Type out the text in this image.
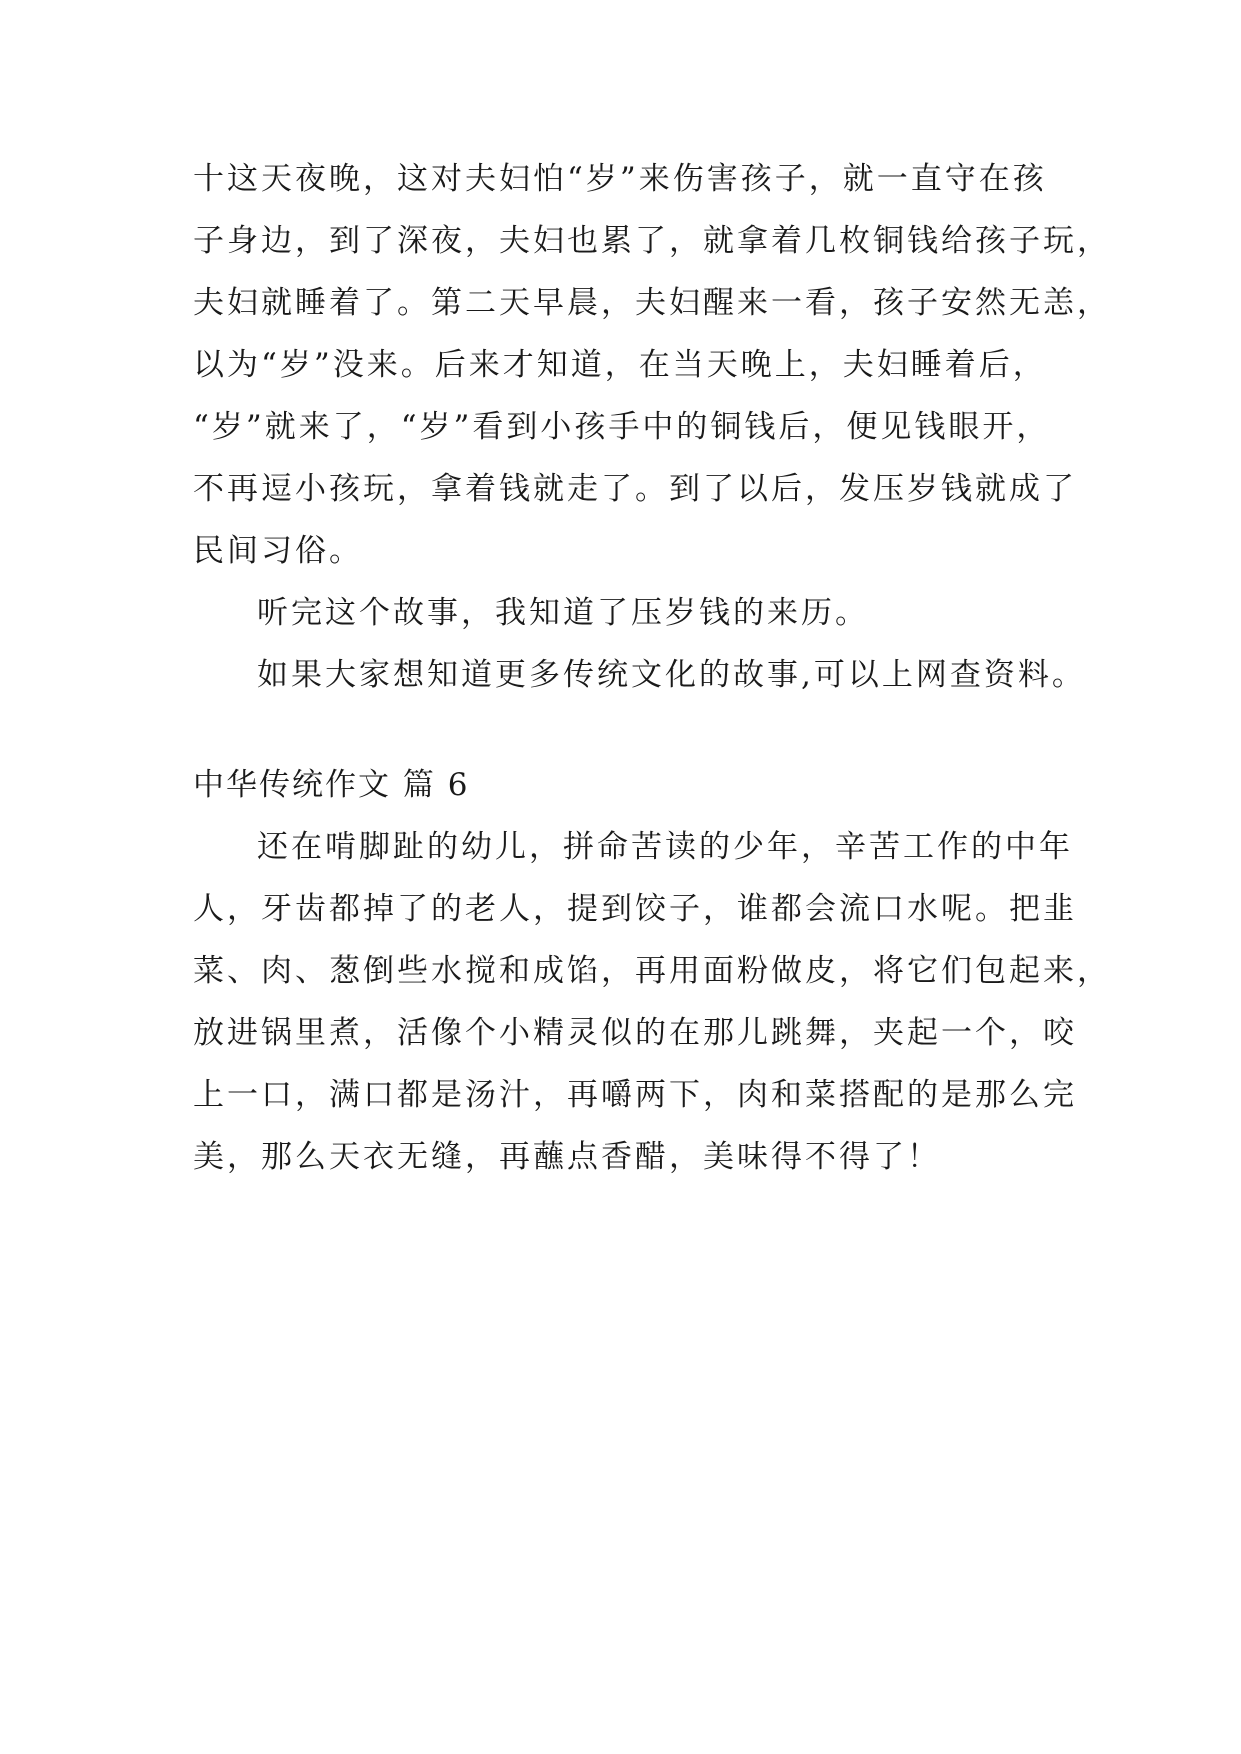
十这天夜晚，这对夫妇怕“岁”来伤害孩子，就一直守在孩
子身边，到了深夜，夫妇也累了，就拿着几枚铜钱给孩子玩，
夫妇就睡着了。第二天早晨，夫妇醒来一看，孩子安然无恙，
以为“岁”没来。后来才知道，在当天晚上，夫妇睡着后，
“岁”就来了，“岁”看到小孩手中的铜钱后，便见钱眼开，
不再逗小孩玩，拿着钱就走了。到了以后，发压岁钱就成了
民间习俗。
听完这个故事，我知道了压岁钱的来历。
如果大家想知道更多传统文化的故事,可以上网查资料。
中华传统作文 篇 6
还在啃脚趾的幼儿，拼命苦读的少年，辛苦工作的中年
人，牙齿都掉了的老人，提到饺子，谁都会流口水呢。把韭
菜、肉、葱倒些水搅和成馅，再用面粉做皮，将它们包起来，
放进锅里煮，活像个小精灵似的在那儿跳舞，夹起一个，咬
上一口，满口都是汤汁，再嚼两下，肉和菜搭配的是那么完
美，那么天衣无缝，再蘸点香醋，美味得不得了！
